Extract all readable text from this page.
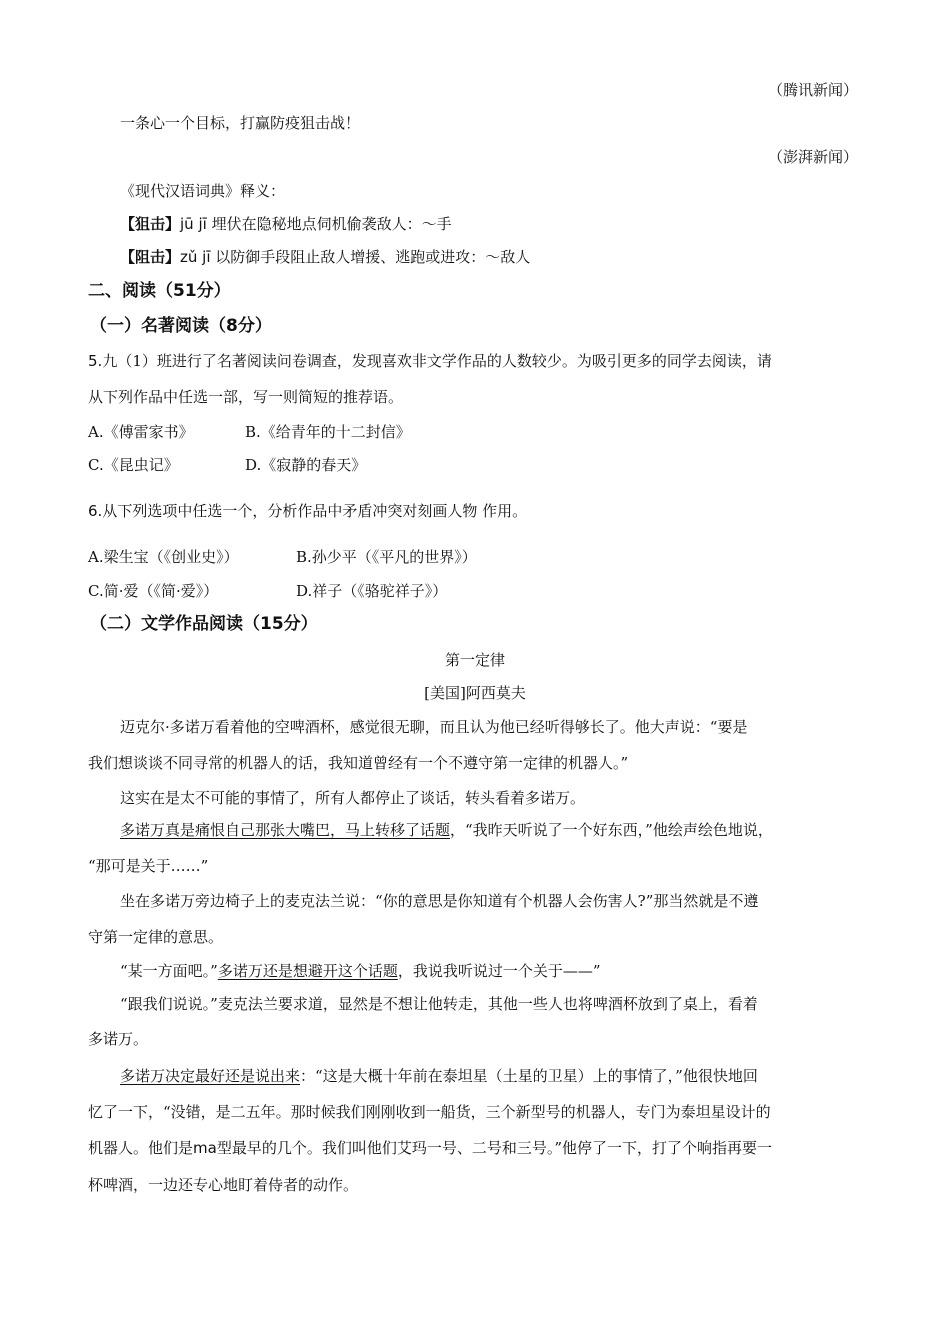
（腾讯新闻）
一条心一个目标，打赢防疫狙击战！
（澎湃新闻）
《现代汉语词典》释义：
【狙击】jū jī 埋伏在隐秘地点伺机偷袭敌人：～手
【阻击】zǔ jī 以防御手段阻止敌人增援、逃跑或进攻：～敌人
二、阅读（51分）
（一）名著阅读（8分）
5.九（1）班进行了名著阅读问卷调查，发现喜欢非文学作品的人数较少。为吸引更多的同学去阅读，请
从下列作品中任选一部，写一则简短的推荐语。
A.《傅雷家书》	B.《给青年的十二封信》
C.《昆虫记》	D.《寂静的春天》
6.从下列选项中任选一个，分析作品中矛盾冲突对刻画人物 作用。
A.梁生宝（《创业史》）	B.孙少平（《平凡的世界》）
C.简·爱（《简·爱》）	D.祥子（《骆驼祥子》）
（二）文学作品阅读（15分）
第一定律
[美国]阿西莫夫
迈克尔·多诺万看着他的空啤酒杯，感觉很无聊，而且认为他已经听得够长了。他大声说：“要是
我们想谈谈不同寻常的机器人的话，我知道曾经有一个不遵守第一定律的机器人。”
这实在是太不可能的事情了，所有人都停止了谈话，转头看着多诺万。
多诺万真是痛恨自己那张大嘴巴，马上转移了话题，“我昨天听说了一个好东西，”他绘声绘色地说，
“那可是关于……”
坐在多诺万旁边椅子上的麦克法兰说：“你的意思是你知道有个机器人会伤害人?”那当然就是不遵
守第一定律的意思。
“某一方面吧。”多诺万还是想避开这个话题，我说我听说过一个关于——”
“跟我们说说。”麦克法兰要求道，显然是不想让他转走，其他一些人也将啤酒杯放到了桌上，看着
多诺万。
多诺万决定最好还是说出来：“这是大概十年前在泰坦星（土星的卫星）上的事情了，”他很快地回
忆了一下，“没错，是二五年。那时候我们刚刚收到一船货，三个新型号的机器人，专门为泰坦星设计的
机器人。他们是ma型最早的几个。我们叫他们艾玛一号、二号和三号。”他停了一下，打了个响指再要一
杯啤酒，一边还专心地盯着侍者的动作。
